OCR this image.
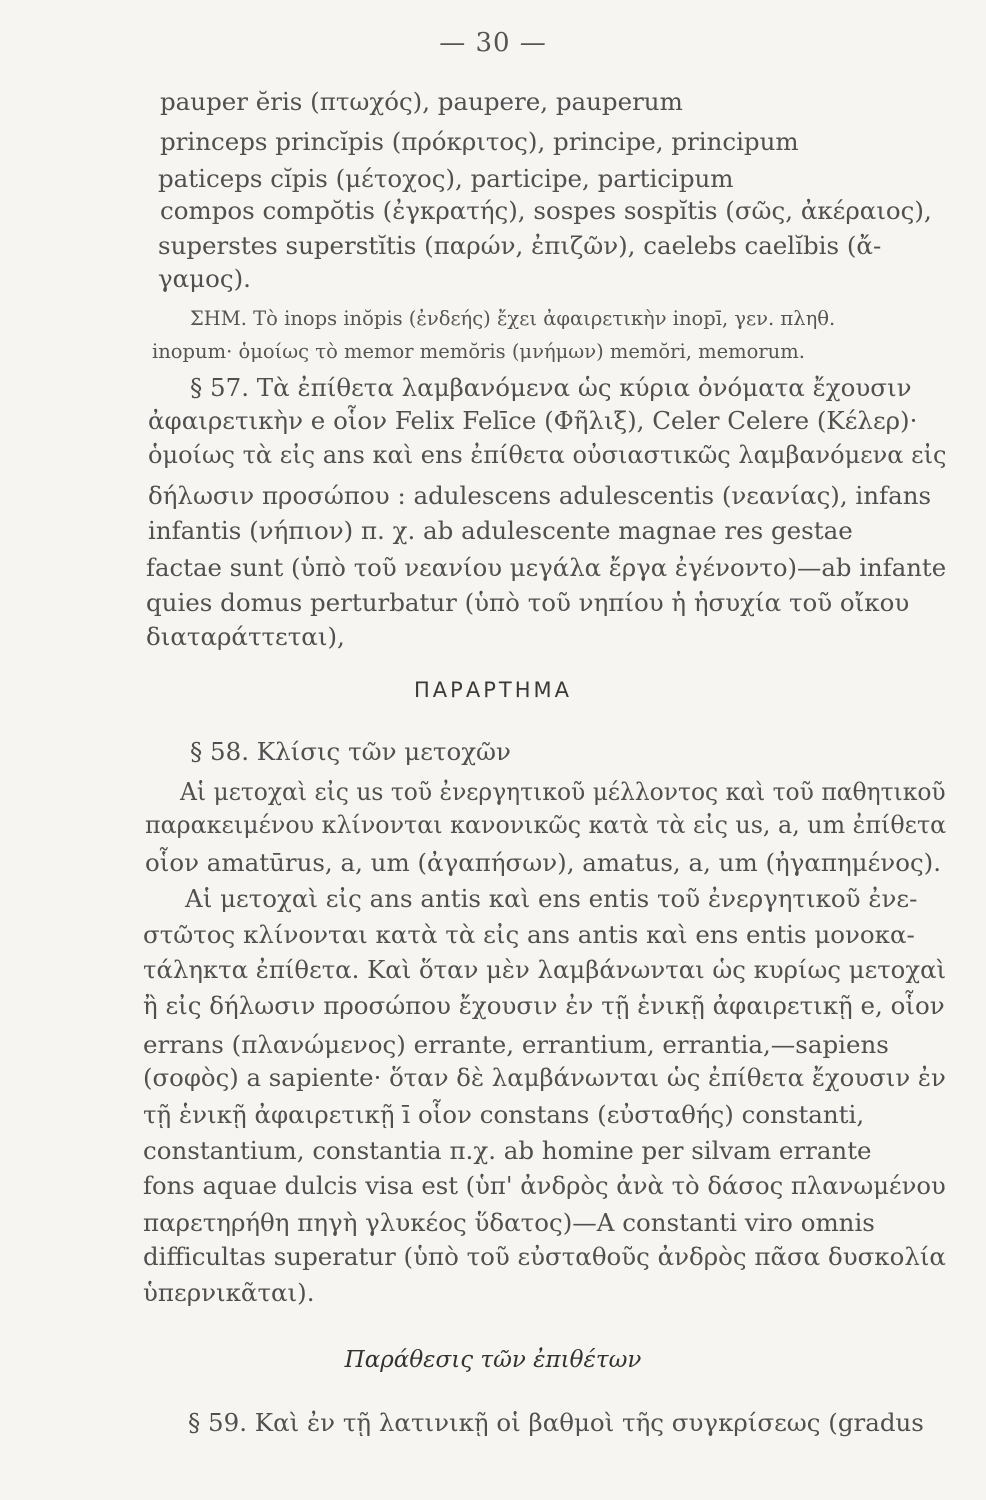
— 30 —
pauper ĕris (πτωχός), paupere, pauperum
princeps princĭpis (πρόκριτος), principe, principum
paticeps cĭpis (μέτοχος), participe, participum
compos compŏtis (ἐγκρατής), sospes sospĭtis (σῶς, ἀκέραιος),
superstes superstĭtis (παρών, ἐπιζῶν), caelebs caelĭbis (ἄ-
γαμος).
ΣΗΜ. Τὸ inops inŏpis (ἐνδεής) ἔχει ἀφαιρετικὴν inopī, γεν. πληθ.
inopum· ὁμοίως τὸ memor memŏris (μνήμων) memŏri, memorum.
§ 57. Τὰ ἐπίθετα λαμβανόμενα ὡς κύρια ὀνόματα ἔχουσιν
ἀφαιρετικὴν e οἷον Felix Felīce (Φῆλιξ), Celer Celere (Κέλερ)·
ὁμοίως τὰ εἰς ans καὶ ens ἐπίθετα οὐσιαστικῶς λαμβανόμενα εἰς
δήλωσιν προσώπου : adulescens adulescentis (νεανίας), infans
infantis (νήπιον) π. χ. ab adulescente magnae res gestae
factae sunt (ὑπὸ τοῦ νεανίου μεγάλα ἔργα ἐγένοντο)—ab infante
quies domus perturbatur (ὑπὸ τοῦ νηπίου ἡ ἡσυχία τοῦ οἴκου
διαταράττεται),
ΠΑΡΑΡΤΗΜΑ
§ 58. Κλίσις τῶν μετοχῶν
Αἱ μετοχαὶ εἰς us τοῦ ἐνεργητικοῦ μέλλοντος καὶ τοῦ παθητικοῦ
παρακειμένου κλίνονται κανονικῶς κατὰ τὰ εἰς us, a, um ἐπίθετα
οἷον amatūrus, a, um (ἀγαπήσων), amatus, a, um (ἠγαπημένος).
Αἱ μετοχαὶ εἰς ans antis καὶ ens entis τοῦ ἐνεργητικοῦ ἐνε-
στῶτος κλίνονται κατὰ τὰ εἰς ans antis καὶ ens entis μονοκα-
τάληκτα ἐπίθετα. Καὶ ὅταν μὲν λαμβάνωνται ὡς κυρίως μετοχαὶ
ἢ εἰς δήλωσιν προσώπου ἔχουσιν ἐν τῇ ἑνικῇ ἀφαιρετικῇ e, οἷον
errans (πλανώμενος) errante, errantium, errantia,—sapiens
(σοφὸς) a sapiente· ὅταν δὲ λαμβάνωνται ὡς ἐπίθετα ἔχουσιν ἐν
τῇ ἑνικῇ ἀφαιρετικῇ ī οἷον constans (εὐσταθής) constanti,
constantium, constantia π.χ. ab homine per silvam errante
fons aquae dulcis visa est (ὑπ' ἀνδρὸς ἀνὰ τὸ δάσος πλανωμένου
παρετηρήθη πηγὴ γλυκέος ὕδατος)—A constanti viro omnis
difficultas superatur (ὑπὸ τοῦ εὐσταθοῦς ἀνδρὸς πᾶσα δυσκολία
ὑπερνικᾶται).
Παράθεσις τῶν ἐπιθέτων
§ 59. Καὶ ἐν τῇ λατινικῇ οἱ βαθμοὶ τῆς συγκρίσεως (gradus
